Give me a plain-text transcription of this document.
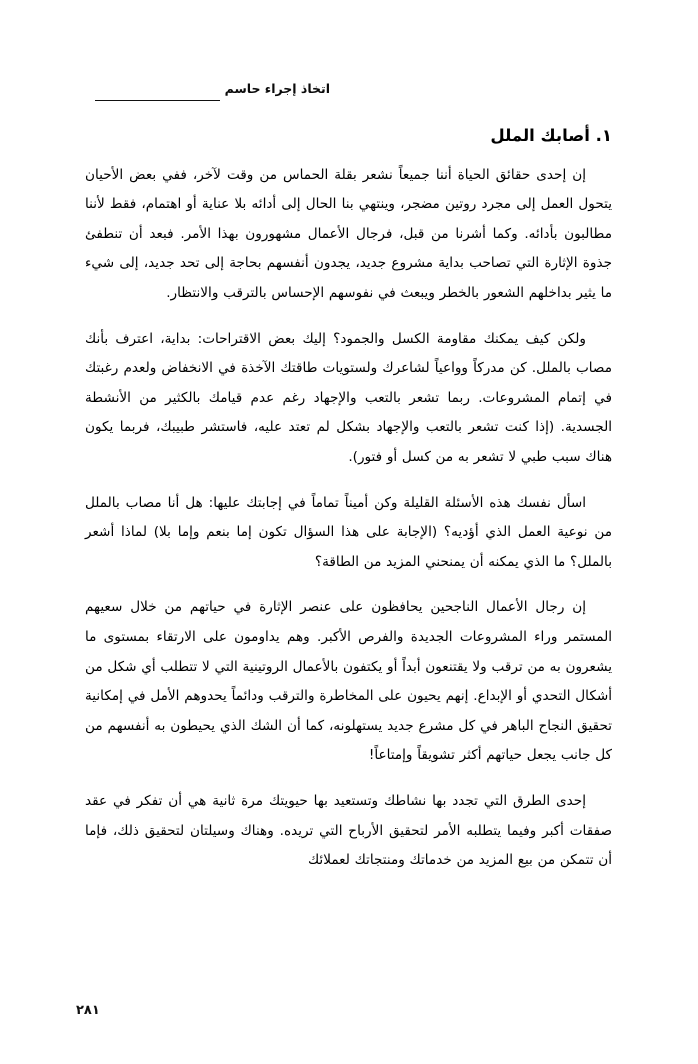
اتخاذ إجراء حاسم
١. أصابك الملل

إن إحدى حقائق الحياة أننا جميعاً نشعر بقلة الحماس من وقت لآخر، ففي بعض الأحيان يتحول العمل إلى مجرد روتين مضجر، وينتهي بنا الحال إلى أدائه بلا عناية أو اهتمام، فقط لأننا مطالبون بأدائه. وكما أشرنا من قبل، فرجال الأعمال مشهورون بهذا الأمر. فبعد أن تنطفئ جذوة الإثارة التي تصاحب بداية مشروع جديد، يجدون أنفسهم بحاجة إلى تحد جديد، إلى شيء ما يثير بداخلهم الشعور بالخطر ويبعث في نفوسهم الإحساس بالترقب والانتظار.

ولكن كيف يمكنك مقاومة الكسل والجمود؟ إليك بعض الاقتراحات: بداية، اعترف بأنك مصاب بالملل. كن مدركاً وواعياً لشاعرك ولستويات طاقتك الآخذة في الانخفاض ولعدم رغبتك في إتمام المشروعات. ربما تشعر بالتعب والإجهاد رغم عدم قيامك بالكثير من الأنشطة الجسدية. (إذا كنت تشعر بالتعب والإجهاد بشكل لم تعتد عليه، فاستشر طبيبك، فربما يكون هناك سبب طبي لا تشعر به من كسل أو فتور).

اسأل نفسك هذه الأسئلة القليلة وكن أميناً تماماً في إجابتك عليها: هل أنا مصاب بالملل من نوعية العمل الذي أؤديه؟ (الإجابة على هذا السؤال تكون إما بنعم وإما بلا) لماذا أشعر بالملل؟ ما الذي يمكنه أن يمنحني المزيد من الطاقة؟

إن رجال الأعمال الناجحين يحافظون على عنصر الإثارة في حياتهم من خلال سعيهم المستمر وراء المشروعات الجديدة والفرص الأكبر. وهم يداومون على الارتقاء بمستوى ما يشعرون به من ترقب ولا يقتنعون أبداً أو يكتفون بالأعمال الروتينية التي لا تتطلب أي شكل من أشكال التحدي أو الإبداع. إنهم يحيون على المخاطرة والترقب ودائماً يحدوهم الأمل في إمكانية تحقيق النجاح الباهر في كل مشرع جديد يستهلونه، كما أن الشك الذي يحيطون به أنفسهم من كل جانب يجعل حياتهم أكثر تشويقاً وإمتاعاً!

إحدى الطرق التي تجدد بها نشاطك وتستعيد بها حيويتك مرة ثانية هي أن تفكر في عقد صفقات أكبر وفيما يتطلبه الأمر لتحقيق الأرباح التي تريده. وهناك وسيلتان لتحقيق ذلك، فإما أن تتمكن من بيع المزيد من خدماتك ومنتجاتك لعملائك

٢٨١
